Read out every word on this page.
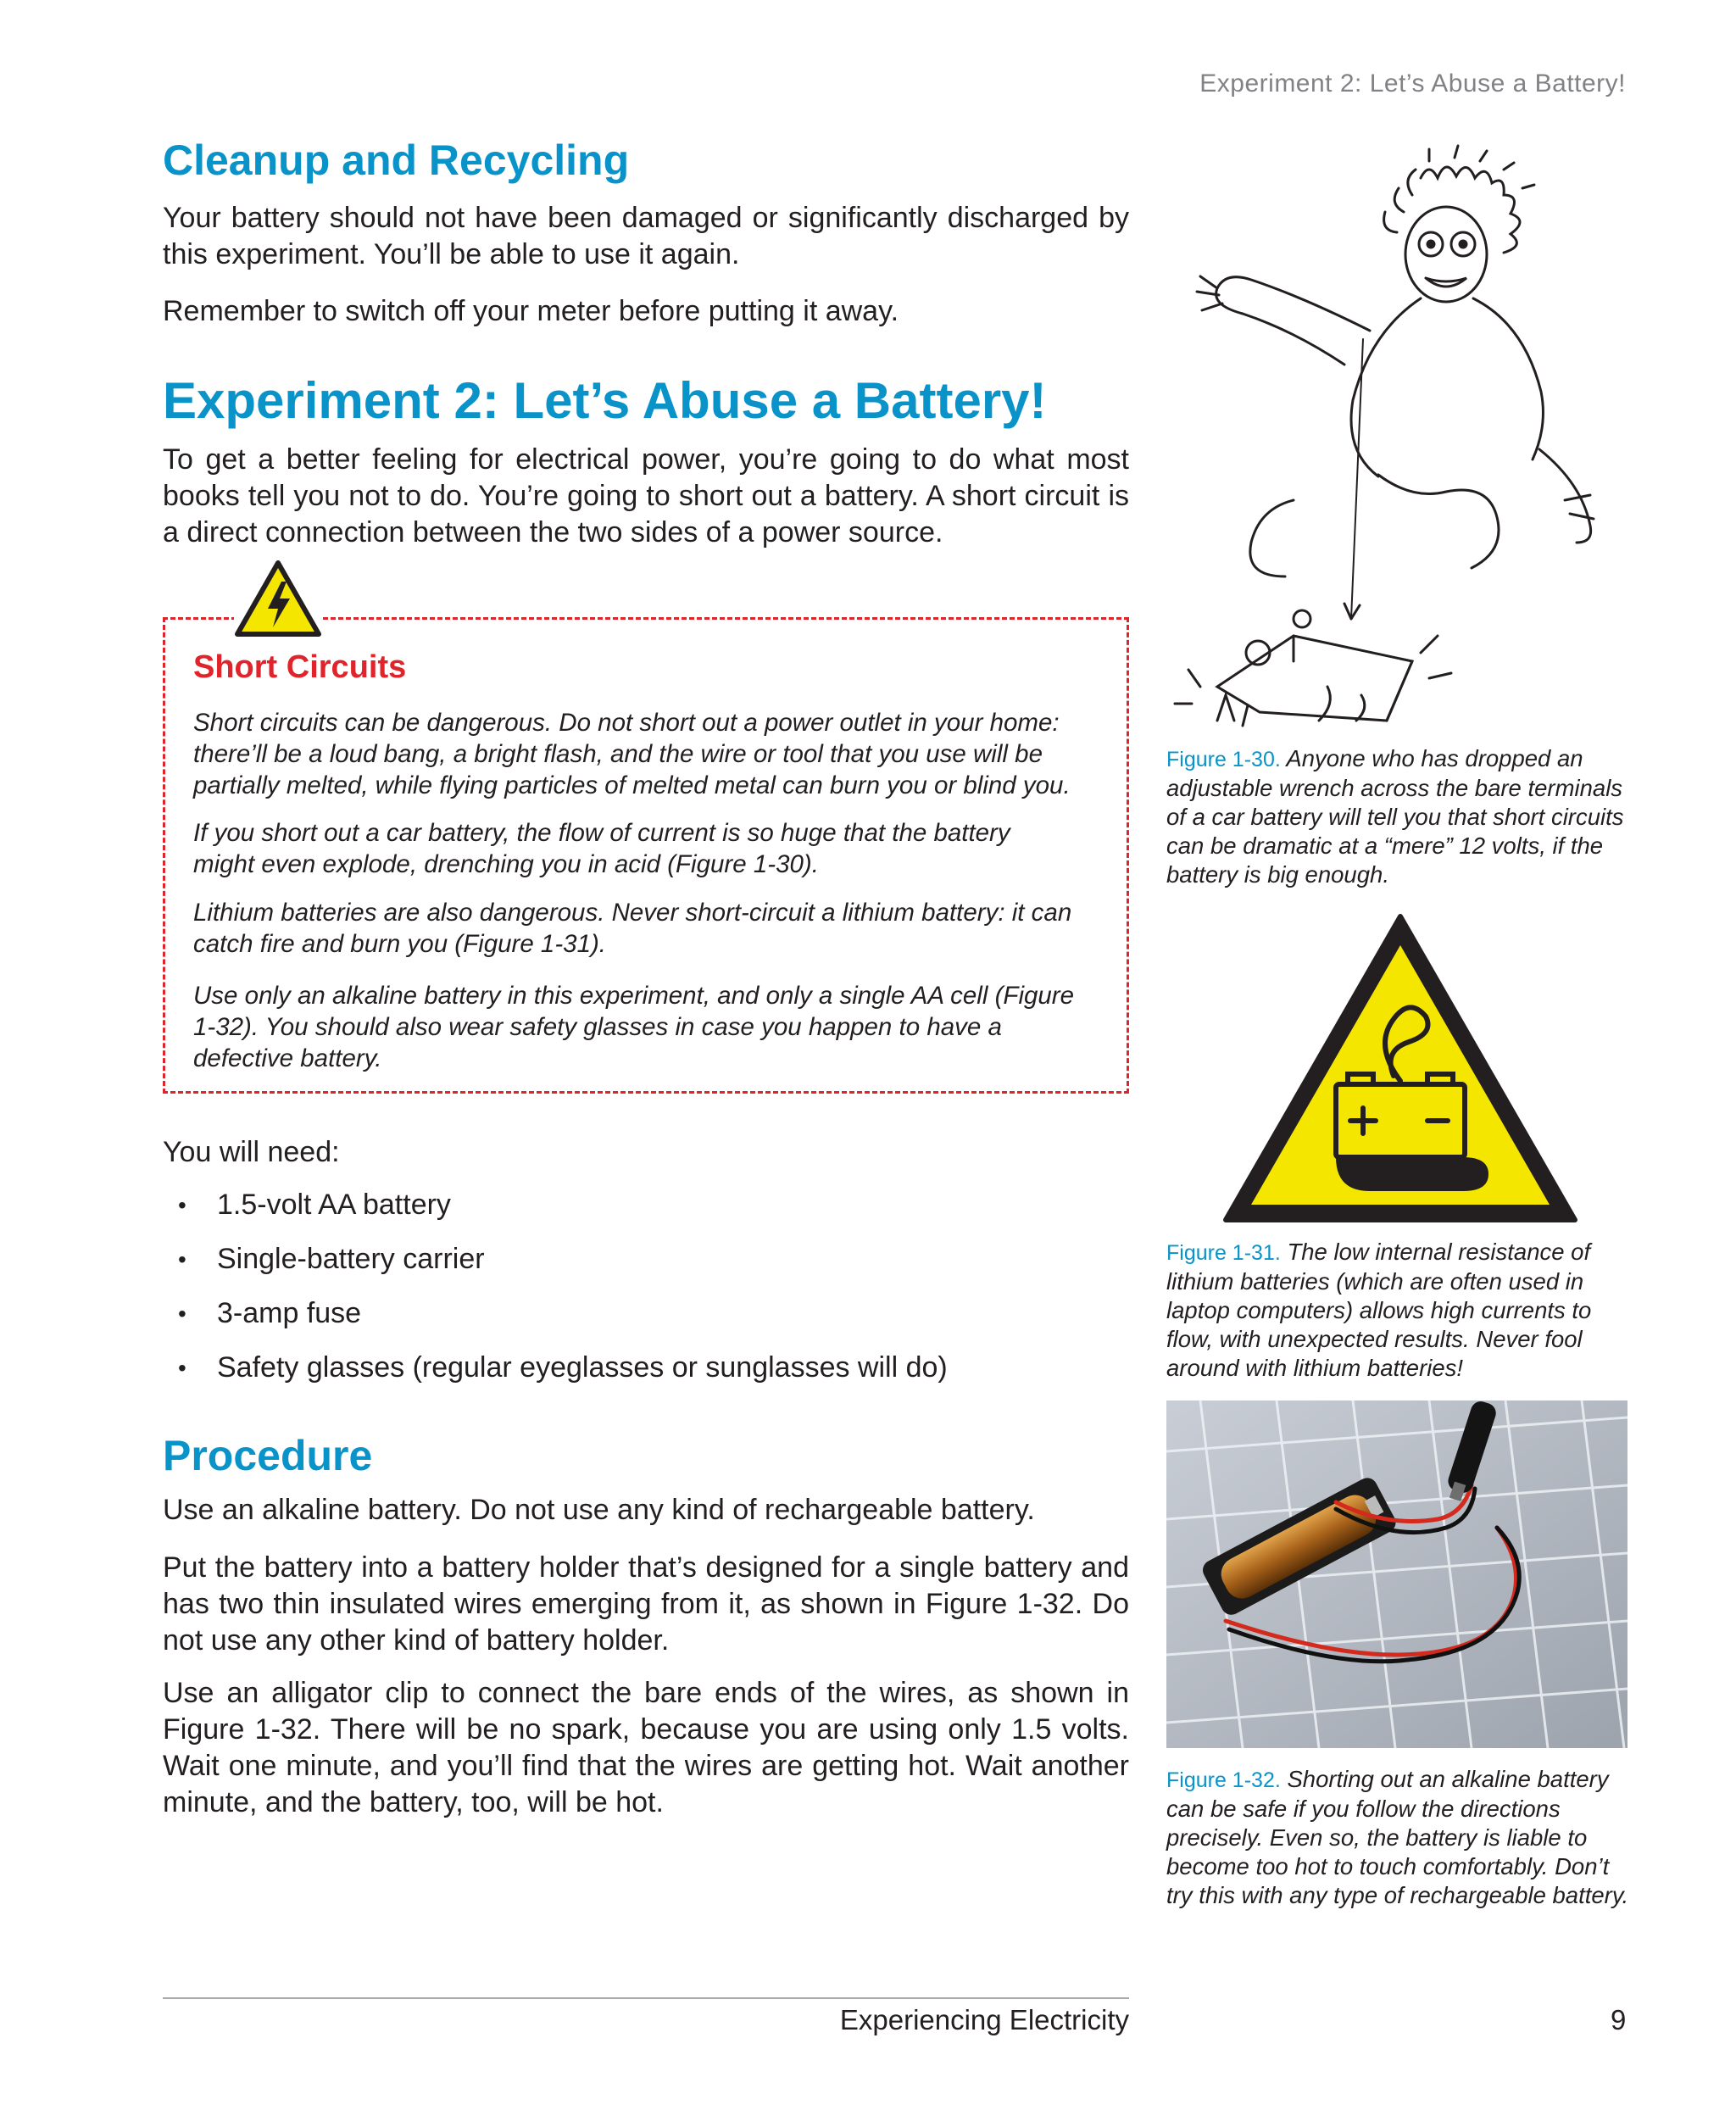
Experiment 2: Let’s Abuse a Battery!
Cleanup and Recycling

Your battery should not have been damaged or significantly discharged by this experiment. You’ll be able to use it again.

Remember to switch off your meter before putting it away.

Experiment 2: Let’s Abuse a Battery!

To get a better feeling for electrical power, you’re going to do what most books tell you not to do. You’re going to short out a battery. A short circuit is a direct connection between the two sides of a power source.

Short Circuits

Short circuits can be dangerous. Do not short out a power outlet in your home: there’ll be a loud bang, a bright flash, and the wire or tool that you use will be partially melted, while flying particles of melted metal can burn you or blind you.

If you short out a car battery, the flow of current is so huge that the battery might even explode, drenching you in acid (Figure 1-30).

Lithium batteries are also dangerous. Never short-circuit a lithium battery: it can catch fire and burn you (Figure 1-31).

Use only an alkaline battery in this experiment, and only a single AA cell (Figure 1-32). You should also wear safety glasses in case you happen to have a defective battery.

You will need:

• 1.5-volt AA battery
• Single-battery carrier
• 3-amp fuse
• Safety glasses (regular eyeglasses or sunglasses will do)
Procedure

Use an alkaline battery. Do not use any kind of rechargeable battery.

Put the battery into a battery holder that’s designed for a single battery and has two thin insulated wires emerging from it, as shown in Figure 1-32. Do not use any other kind of battery holder.

Use an alligator clip to connect the bare ends of the wires, as shown in Figure 1-32. There will be no spark, because you are using only 1.5 volts. Wait one minute, and you’ll find that the wires are getting hot. Wait another minute, and the battery, too, will be hot.

Figure 1-30. Anyone who has dropped an adjustable wrench across the bare terminals of a car battery will tell you that short circuits can be dramatic at a “mere” 12 volts, if the battery is big enough.

Figure 1-31. The low internal resistance of lithium batteries (which are often used in laptop computers) allows high currents to flow, with unexpected results. Never fool around with lithium batteries!

Figure 1-32. Shorting out an alkaline battery can be safe if you follow the directions precisely. Even so, the battery is liable to become too hot to touch comfortably. Don’t try this with any type of rechargeable battery.

Experiencing Electricity	9
